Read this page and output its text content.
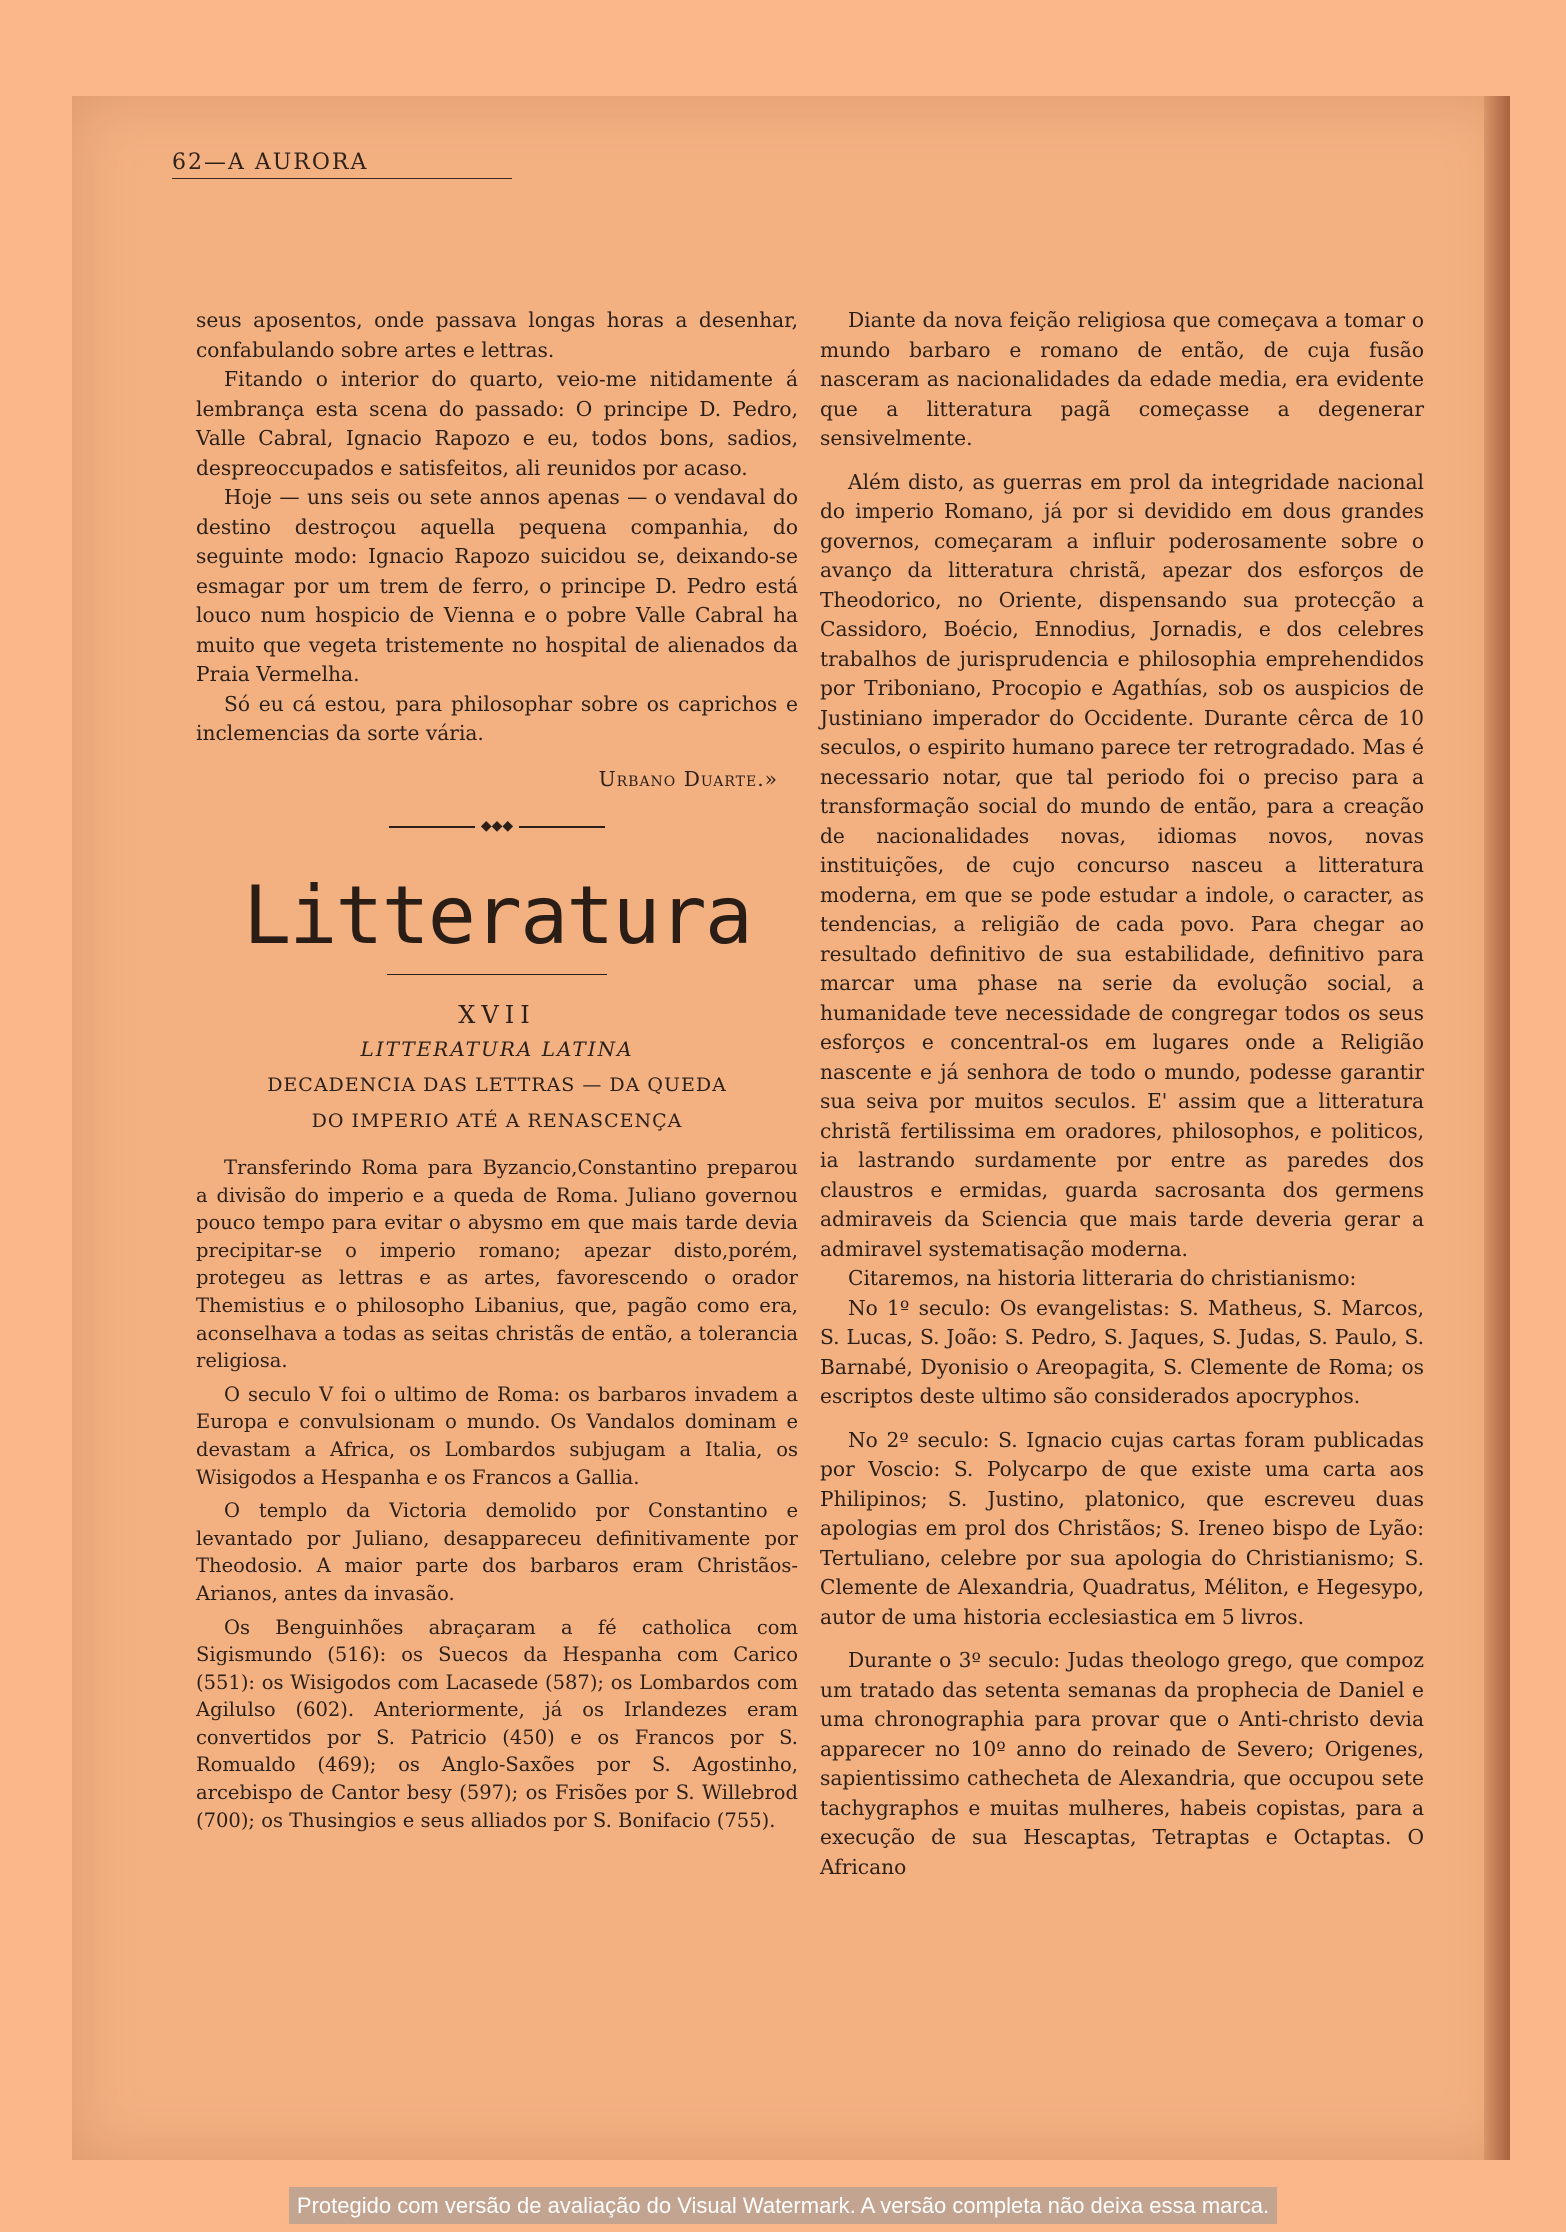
62—A AURORA

seus aposentos, onde passava longas horas a desenhar, confabulando sobre artes e lettras.

Fitando o interior do quarto, veio-me nitidamente á lembrança esta scena do passado: O principe D. Pedro, Valle Cabral, Ignacio Rapozo e eu, todos bons, sadios, despreoccupados e satisfeitos, ali reunidos por acaso.

Hoje — uns seis ou sete annos apenas — o vendaval do destino destroçou aquella pequena companhia, do seguinte modo: Ignacio Rapozo suicidou se, deixando-se esmagar por um trem de ferro, o principe D. Pedro está louco num hospicio de Vienna e o pobre Valle Cabral ha muito que vegeta tristemente no hospital de alienados da Praia Vermelha.

Só eu cá estou, para philosophar sobre os caprichos e inclemencias da sorte vária.

Urbano Duarte.»

◆◆◆
Litteratura
XVII
LITTERATURA LATINA
DECADENCIA DAS LETTRAS — DA QUEDA
DO IMPERIO ATÉ A RENASCENÇA

Transferindo Roma para Byzancio,Constantino preparou a divisão do imperio e a queda de Roma. Juliano governou pouco tempo para evitar o abysmo em que mais tarde devia precipitar-se o imperio romano; apezar disto,porém, protegeu as lettras e as artes, favorescendo o orador Themistius e o philosopho Libanius, que, pagão como era, aconselhava a todas as seitas christãs de então, a tolerancia religiosa.

O seculo V foi o ultimo de Roma: os barbaros invadem a Europa e convulsionam o mundo. Os Vandalos dominam e devastam a Africa, os Lombardos subjugam a Italia, os Wisigodos a Hespanha e os Francos a Gallia.

O templo da Victoria demolido por Constantino e levantado por Juliano, desappareceu definitivamente por Theodosio. A maior parte dos barbaros eram Christãos-Arianos, antes da invasão.

Os Benguinhões abraçaram a fé catholica com Sigismundo (516): os Suecos da Hespanha com Carico (551): os Wisigodos com Lacasede (587); os Lombardos com Agilulso (602). Anteriormente, já os Irlandezes eram convertidos por S. Patricio (450) e os Francos por S. Romualdo (469); os Anglo-Saxões por S. Agostinho, arcebispo de Cantor besy (597); os Frisões por S. Willebrod (700); os Thusingios e seus alliados por S. Bonifacio (755).

Diante da nova feição religiosa que começava a tomar o mundo barbaro e romano de então, de cuja fusão nasceram as nacionalidades da edade media, era evidente que a litteratura pagã começasse a degenerar sensivelmente.

Além disto, as guerras em prol da integridade nacional do imperio Romano, já por si devidido em dous grandes governos, começaram a influir poderosamente sobre o avanço da litteratura christã, apezar dos esforços de Theodorico, no Oriente, dispensando sua protecção a Cassidoro, Boécio, Ennodius, Jornadis, e dos celebres trabalhos de jurisprudencia e philosophia emprehendidos por Triboniano, Procopio e Agathías, sob os auspicios de Justiniano imperador do Occidente. Durante cêrca de 10 seculos, o espirito humano parece ter retrogradado. Mas é necessario notar, que tal periodo foi o preciso para a transformação social do mundo de então, para a creação de nacionalidades novas, idiomas novos, novas instituições, de cujo concurso nasceu a litteratura moderna, em que se pode estudar a indole, o caracter, as tendencias, a religião de cada povo. Para chegar ao resultado definitivo de sua estabilidade, definitivo para marcar uma phase na serie da evolução social, a humanidade teve necessidade de congregar todos os seus esforços e concentral-os em lugares onde a Religião nascente e já senhora de todo o mundo, podesse garantir sua seiva por muitos seculos. E' assim que a litteratura christã fertilissima em oradores, philosophos, e politicos, ia lastrando surdamente por entre as paredes dos claustros e ermidas, guarda sacrosanta dos germens admiraveis da Sciencia que mais tarde deveria gerar a admiravel systematisação moderna.

Citaremos, na historia litteraria do christianismo:

No 1º seculo: Os evangelistas: S. Matheus, S. Marcos, S. Lucas, S. João: S. Pedro, S. Jaques, S. Judas, S. Paulo, S. Barnabé, Dyonisio o Areopagita, S. Clemente de Roma; os escriptos deste ultimo são considerados apocryphos.

No 2º seculo: S. Ignacio cujas cartas foram publicadas por Voscio: S. Polycarpo de que existe uma carta aos Philipinos; S. Justino, platonico, que escreveu duas apologias em prol dos Christãos; S. Ireneo bispo de Lyão: Tertuliano, celebre por sua apologia do Christianismo; S. Clemente de Alexandria, Quadratus, Méliton, e Hegesypo, autor de uma historia ecclesiastica em 5 livros.

Durante o 3º seculo: Judas theologo grego, que compoz um tratado das setenta semanas da prophecia de Daniel e uma chronographia para provar que o Anti-christo devia apparecer no 10º anno do reinado de Severo; Origenes, sapientissimo cathecheta de Alexandria, que occupou sete tachygraphos e muitas mulheres, habeis copistas, para a execução de sua Hescaptas, Tetraptas e Octaptas. O Africano

Protegido com versão de avaliação do Visual Watermark. A versão completa não deixa essa marca.
